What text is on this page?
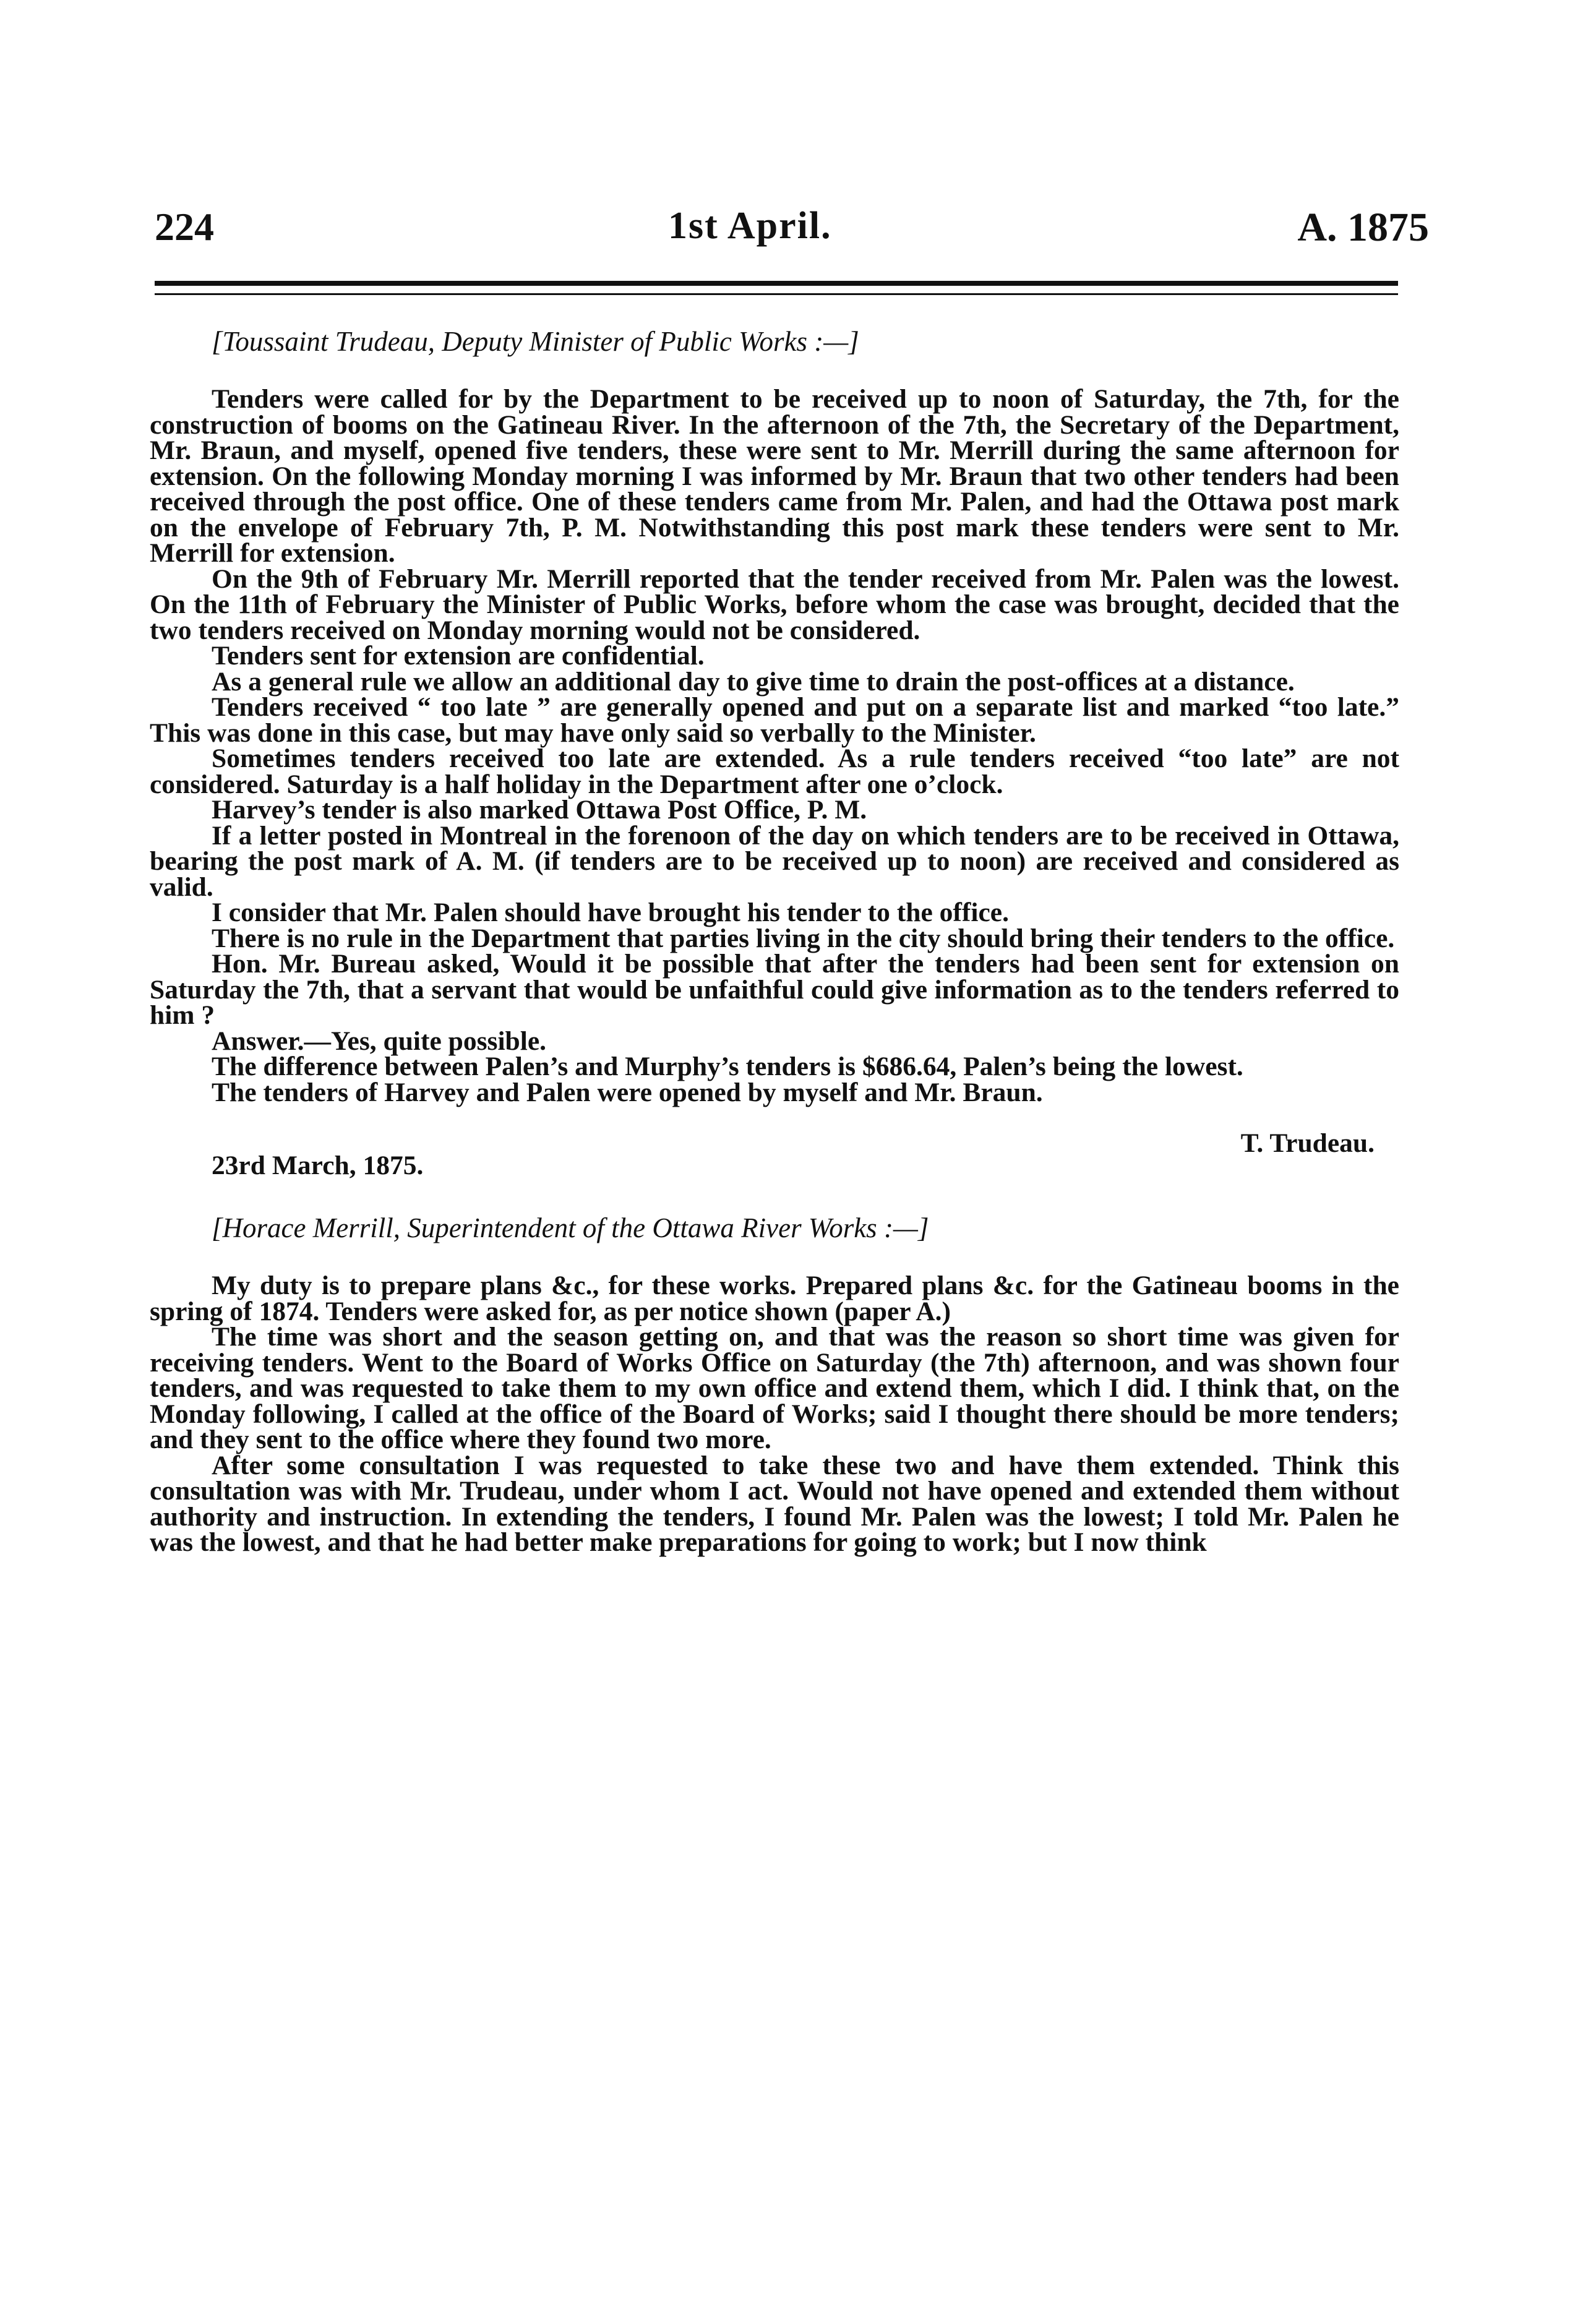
224	1st April.	A. 1875
[Toussaint Trudeau, Deputy Minister of Public Works :—]

Tenders were called for by the Department to be received up to noon of Saturday, the 7th, for the construction of booms on the Gatineau River. In the afternoon of the 7th, the Secretary of the Department, Mr. Braun, and myself, opened five tenders, these were sent to Mr. Merrill during the same afternoon for extension. On the following Monday morning I was informed by Mr. Braun that two other tenders had been received through the post office. One of these tenders came from Mr. Palen, and had the Ottawa post mark on the envelope of February 7th, P. M. Notwithstanding this post mark these tenders were sent to Mr. Merrill for extension.

On the 9th of February Mr. Merrill reported that the tender received from Mr. Palen was the lowest. On the 11th of February the Minister of Public Works, before whom the case was brought, decided that the two tenders received on Monday morning would not be considered.

Tenders sent for extension are confidential.

As a general rule we allow an additional day to give time to drain the post-offices at a distance.

Tenders received “ too late ” are generally opened and put on a separate list and marked “too late.” This was done in this case, but may have only said so verbally to the Minister.

Sometimes tenders received too late are extended. As a rule tenders received “too late” are not considered. Saturday is a half holiday in the Department after one o’clock.

Harvey’s tender is also marked Ottawa Post Office, P. M.

If a letter posted in Montreal in the forenoon of the day on which tenders are to be received in Ottawa, bearing the post mark of A. M. (if tenders are to be received up to noon) are received and considered as valid.

I consider that Mr. Palen should have brought his tender to the office.

There is no rule in the Department that parties living in the city should bring their tenders to the office.

Hon. Mr. Bureau asked, Would it be possible that after the tenders had been sent for extension on Saturday the 7th, that a servant that would be unfaithful could give information as to the tenders referred to him ?

Answer.—Yes, quite possible.

The difference between Palen’s and Murphy’s tenders is $686.64, Palen’s being the lowest.

The tenders of Harvey and Palen were opened by myself and Mr. Braun.

T. Trudeau.
23rd March, 1875.
[Horace Merrill, Superintendent of the Ottawa River Works :—]

My duty is to prepare plans &c., for these works. Prepared plans &c. for the Gatineau booms in the spring of 1874. Tenders were asked for, as per notice shown (paper A.)

The time was short and the season getting on, and that was the reason so short time was given for receiving tenders. Went to the Board of Works Office on Saturday (the 7th) afternoon, and was shown four tenders, and was requested to take them to my own office and extend them, which I did. I think that, on the Monday following, I called at the office of the Board of Works; said I thought there should be more tenders; and they sent to the office where they found two more.

After some consultation I was requested to take these two and have them extended. Think this consultation was with Mr. Trudeau, under whom I act. Would not have opened and extended them without authority and instruction. In extending the tenders, I found Mr. Palen was the lowest; I told Mr. Palen he was the lowest, and that he had better make preparations for going to work; but I now think
